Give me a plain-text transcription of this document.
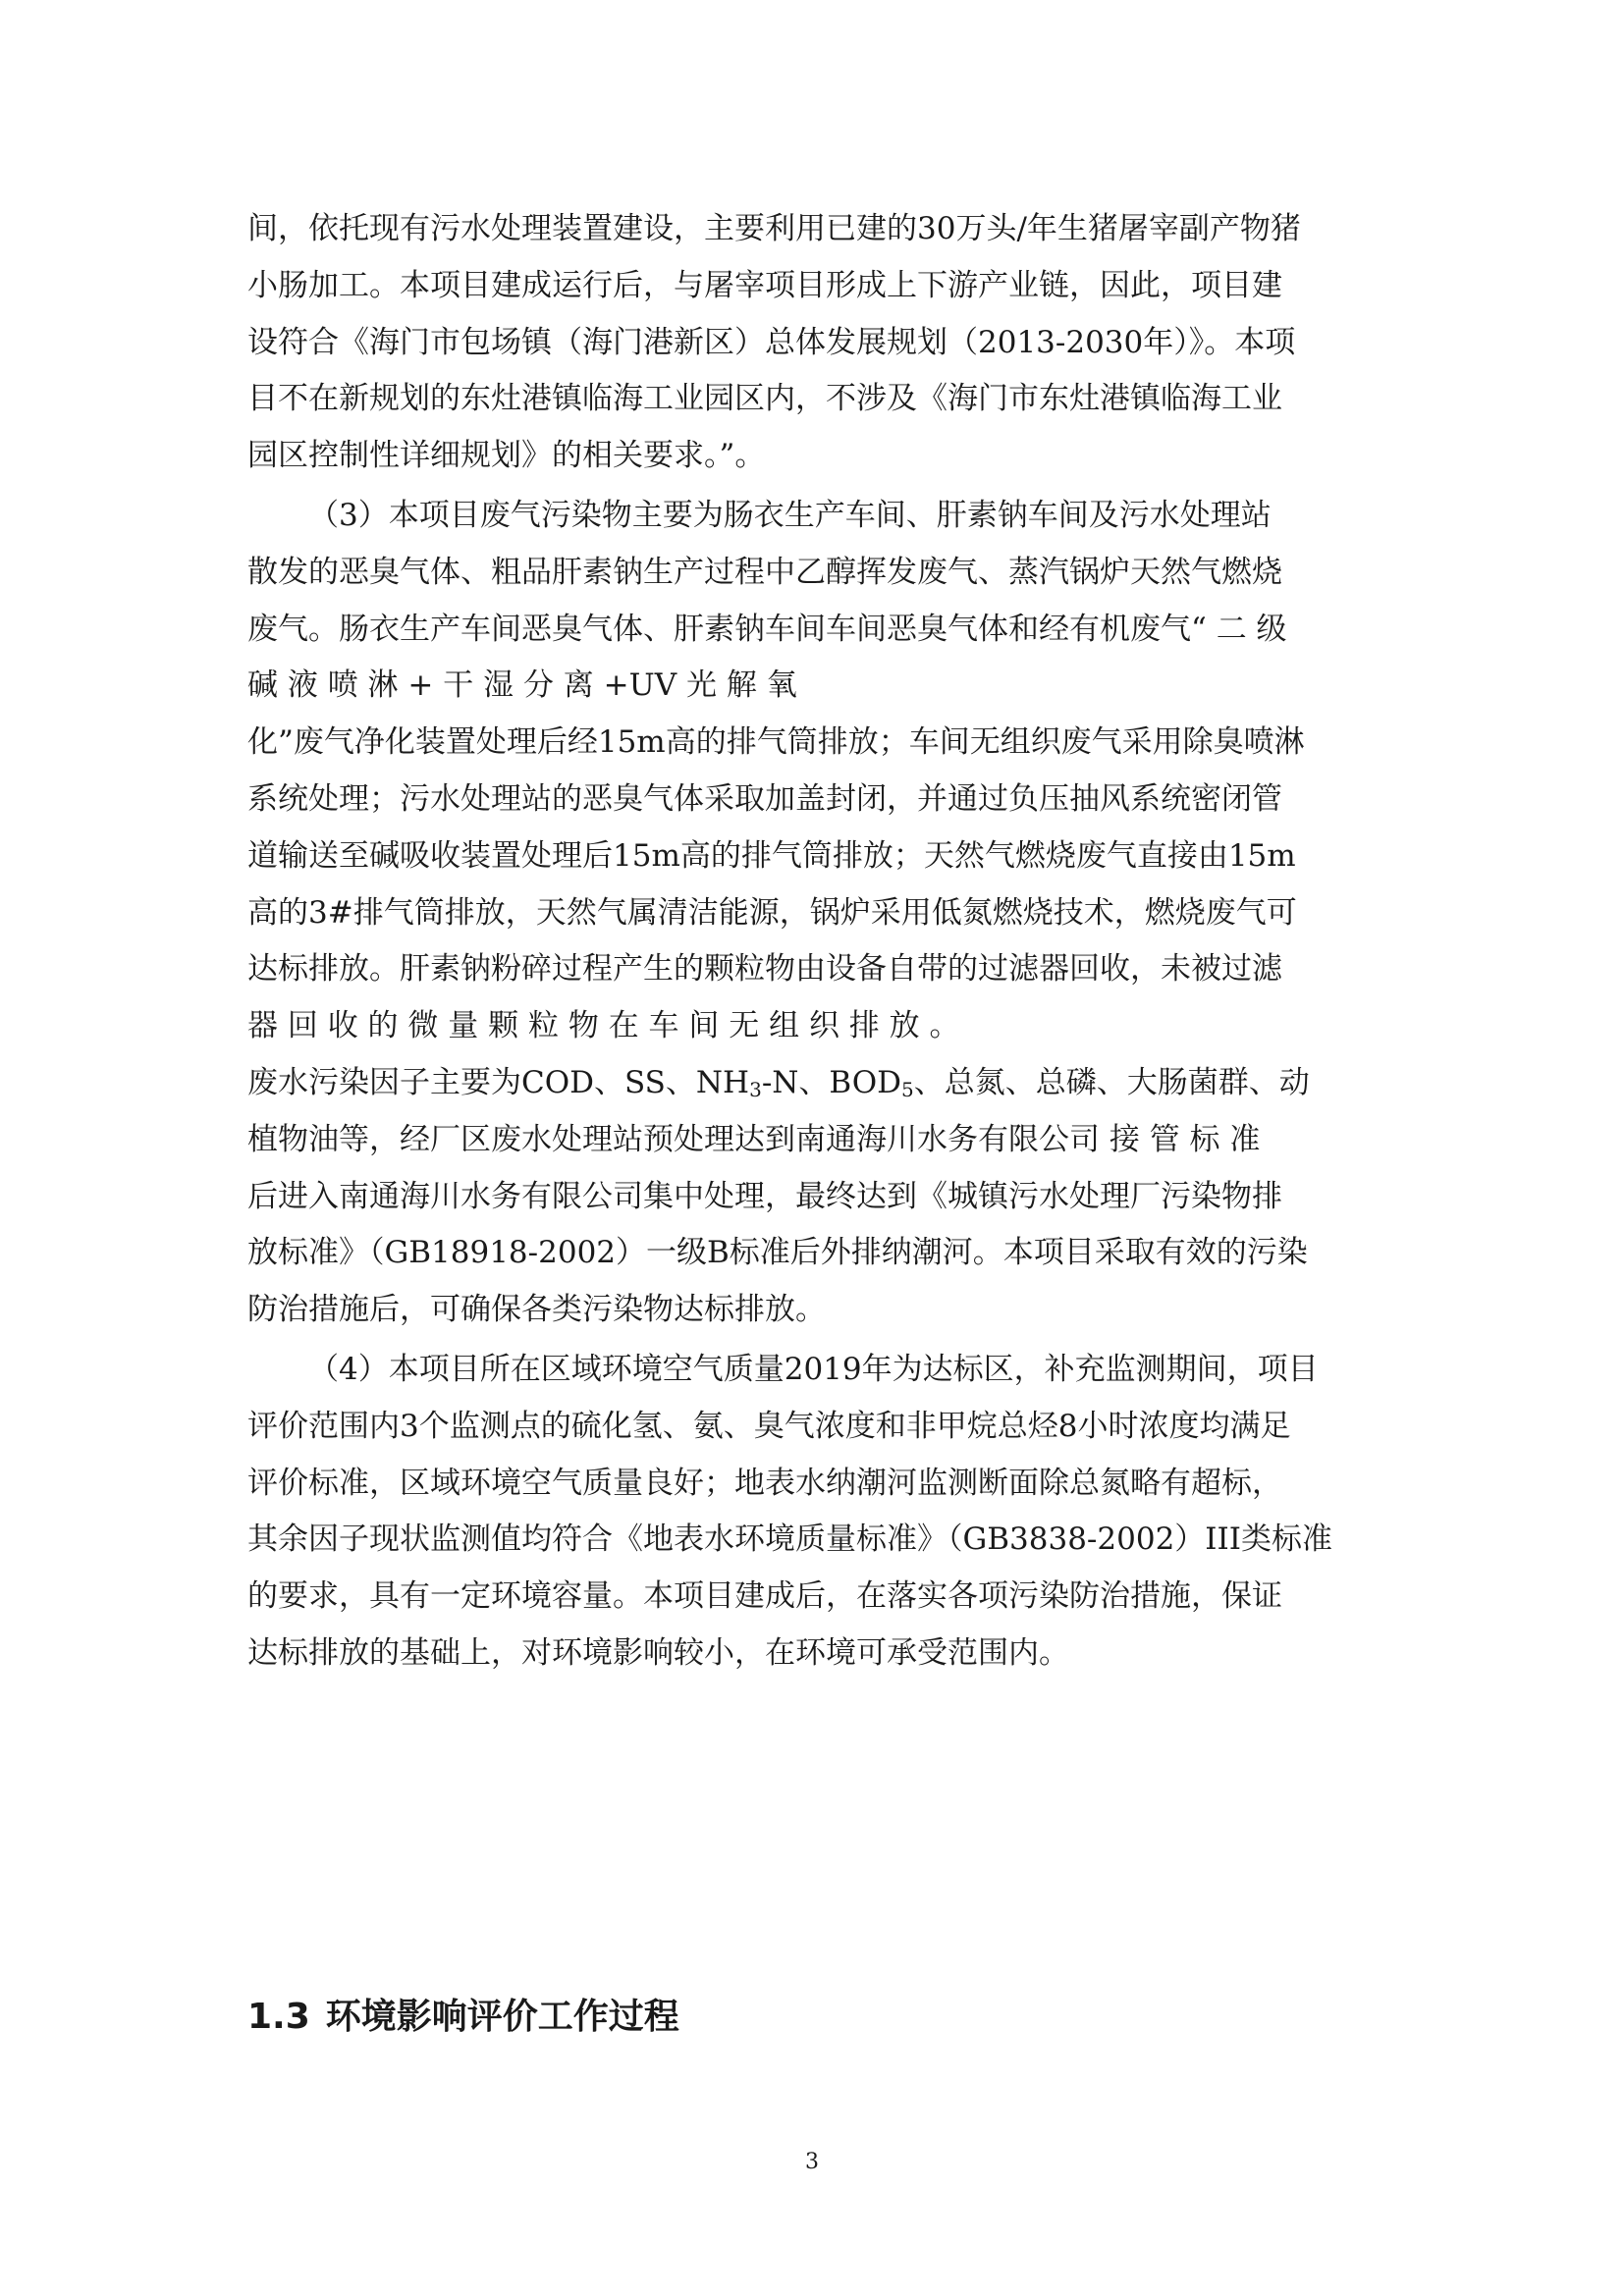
间，依托现有污水处理装置建设，主要利用已建的30万头/年生猪屠宰副产物猪
小肠加工。本项目建成运行后，与屠宰项目形成上下游产业链，因此，项目建
设符合《海门市包场镇（海门港新区）总体发展规划（2013-2030年）》。本项
目不在新规划的东灶港镇临海工业园区内，不涉及《海门市东灶港镇临海工业
园区控制性详细规划》的相关要求。”。
（3）本项目废气污染物主要为肠衣生产车间、肝素钠车间及污水处理站
散发的恶臭气体、粗品肝素钠生产过程中乙醇挥发废气、蒸汽锅炉天然气燃烧
废气。肠衣生产车间恶臭气体、肝素钠车间车间恶臭气体和经有机废气“ 二 级
碱 液 喷 淋 + 干 湿 分 离 +UV 光 解 氧
化”废气净化装置处理后经15m高的排气筒排放；车间无组织废气采用除臭喷淋
系统处理；污水处理站的恶臭气体采取加盖封闭，并通过负压抽风系统密闭管
道输送至碱吸收装置处理后15m高的排气筒排放；天然气燃烧废气直接由15m
高的3#排气筒排放，天然气属清洁能源，锅炉采用低氮燃烧技术，燃烧废气可
达标排放。肝素钠粉碎过程产生的颗粒物由设备自带的过滤器回收，未被过滤
器 回 收 的 微 量 颗 粒 物 在 车 间 无 组 织 排 放 。
废水污染因子主要为COD、SS、$NH_3-N$、$BOD_5$、总氮、总磷、大肠菌群、动
植物油等，经厂区废水处理站预处理达到南通海川水务有限公司 接 管 标 准
后进入南通海川水务有限公司集中处理，最终达到《城镇污水处理厂污染物排
放标准》（GB18918-2002）一级B标准后外排纳潮河。本项目采取有效的污染
防治措施后，可确保各类污染物达标排放。
（4）本项目所在区域环境空气质量2019年为达标区，补充监测期间，项目
评价范围内3个监测点的硫化氢、氨、臭气浓度和非甲烷总烃8小时浓度均满足
评价标准，区域环境空气质量良好；地表水纳潮河监测断面除总氮略有超标，
其余因子现状监测值均符合《地表水环境质量标准》（GB3838-2002）III类标准
的要求，具有一定环境容量。本项目建成后，在落实各项污染防治措施，保证
达标排放的基础上，对环境影响较小，在环境可承受范围内。
1.3 环境影响评价工作过程
3
